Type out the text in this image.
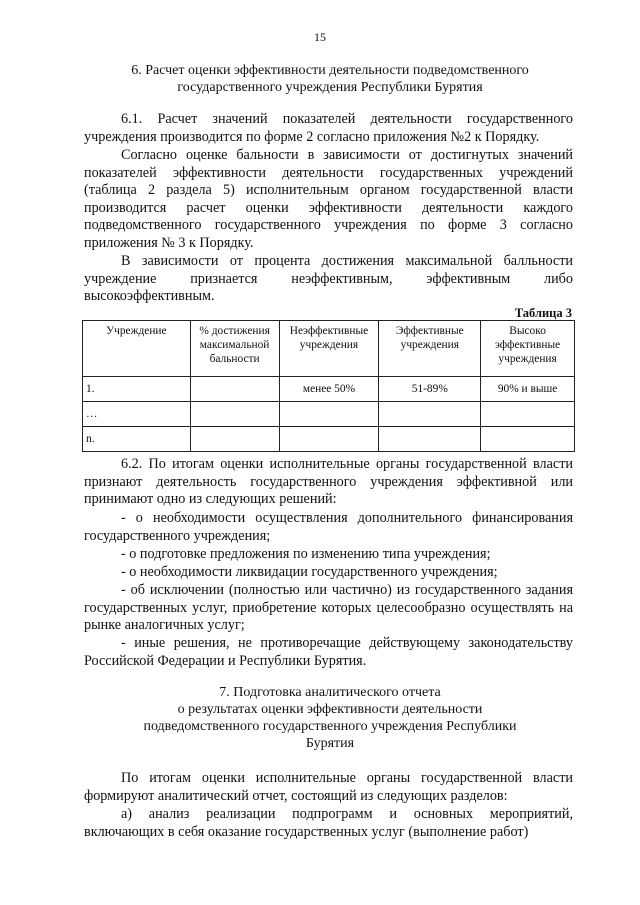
15
6. Расчет оценки эффективности деятельности подведомственного
государственного учреждения Республики Бурятия

6.1. Расчет значений показателей деятельности государственного учреждения производится по форме 2 согласно приложения №2 к Порядку.

Согласно оценке бальности в зависимости от достигнутых значений показателей эффективности деятельности государственных учреждений (таблица 2 раздела 5) исполнительным органом государственной власти производится расчет оценки эффективности деятельности каждого подведомственного государственного учреждения по форме 3 согласно приложения № 3 к Порядку.

В зависимости от процента достижения максимальной балльности учреждение признается неэффективным, эффективным либо высокоэффективным.

Таблица 3
Учреждение	% достижения максимальной бальности	Неэффективные учреждения	Эффективные учреждения	Высоко эффективные учреждения
1.		менее 50%	51-89%	90% и выше
…				
n.				

6.2. По итогам оценки исполнительные органы государственной власти признают деятельность государственного учреждения эффективной или принимают одно из следующих решений:

- о необходимости осуществления дополнительного финансирования государственного учреждения;

- о подготовке предложения по изменению типа учреждения;

- о необходимости ликвидации государственного учреждения;

- об исключении (полностью или частично) из государственного задания государственных услуг, приобретение которых целесообразно осуществлять на рынке аналогичных услуг;

- иные решения, не противоречащие действующему законодательству Российской Федерации и Республики Бурятия.

7. Подготовка аналитического отчета
о результатах оценки эффективности деятельности
подведомственного государственного учреждения Республики
Бурятия

По итогам оценки исполнительные органы государственной власти формируют аналитический отчет, состоящий из следующих разделов:

а) анализ реализации подпрограмм и основных мероприятий, включающих в себя оказание государственных услуг (выполнение работ)
